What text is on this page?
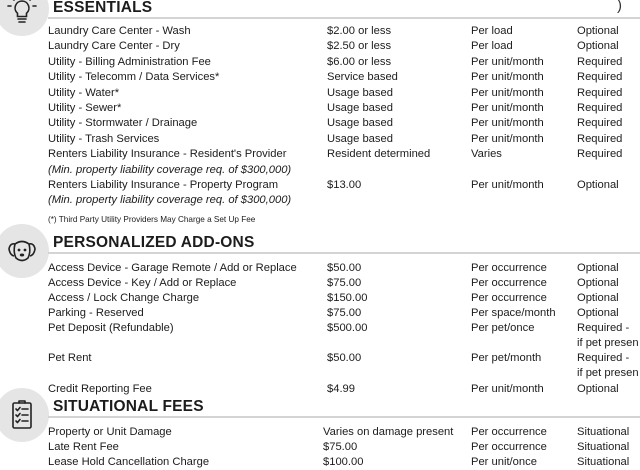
ESSENTIALS	)
Laundry Care Center - Wash	$2.00 or less	Per load	Optional
Laundry Care Center - Dry	$2.50 or less	Per load	Optional
Utility - Billing Administration Fee	$6.00 or less	Per unit/month	Required
Utility - Telecomm / Data Services*	Service based	Per unit/month	Required
Utility - Water*	Usage based	Per unit/month	Required
Utility - Sewer*	Usage based	Per unit/month	Required
Utility - Stormwater / Drainage	Usage based	Per unit/month	Required
Utility - Trash Services	Usage based	Per unit/month	Required
Renters Liability Insurance - Resident's Provider	Resident determined	Varies	Required
(Min. property liability coverage req. of $300,000)
Renters Liability Insurance - Property Program	$13.00	Per unit/month	Optional
(Min. property liability coverage req. of $300,000)
(*) Third Party Utility Providers May Charge a Set Up Fee
PERSONALIZED ADD-ONS
Access Device - Garage Remote / Add or Replace	$50.00	Per occurrence	Optional
Access Device - Key / Add or Replace	$75.00	Per occurrence	Optional
Access / Lock Change Charge	$150.00	Per occurrence	Optional
Parking - Reserved	$75.00	Per space/month Optional
Pet Deposit (Refundable)	$500.00	Per pet/once	Required -
if pet presen
Pet Rent	$50.00	Per pet/month	Required -
if pet presen
Credit Reporting Fee	$4.99	Per unit/month	Optional
SITUATIONAL FEES
Property or Unit Damage	Varies on damage present Per occurrence	Situational
Late Rent Fee	$75.00	Per occurrence	Situational
Lease Hold Cancellation Charge	$100.00	Per unit/once	Situational
